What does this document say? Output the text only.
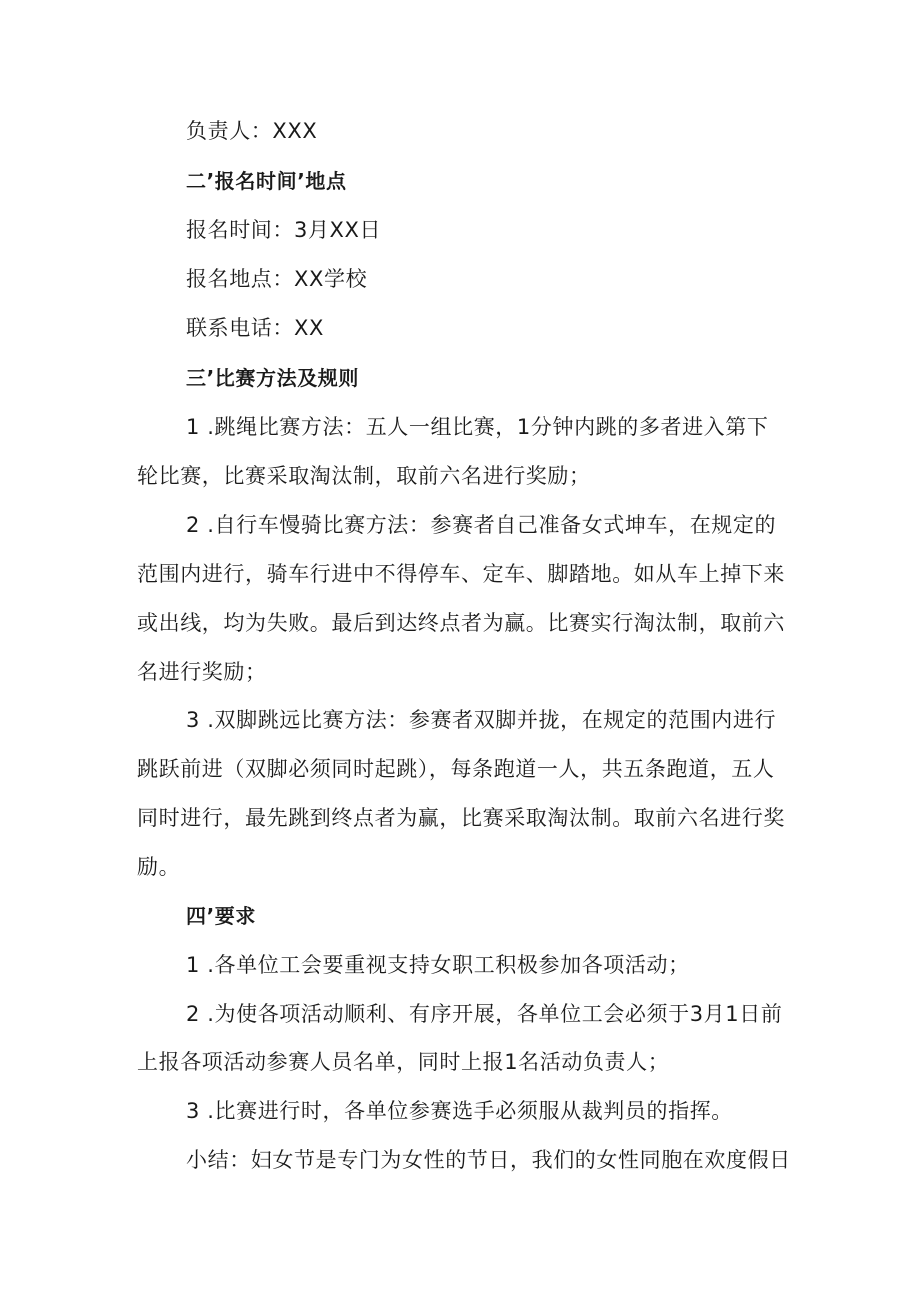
负责人：XXX
二’报名时间’地点
报名时间：3月XX日
报名地点：XX学校
联系电话：XX
三’比赛方法及规则
1 .跳绳比赛方法：五人一组比赛，1分钟内跳的多者进入第下
轮比赛，比赛采取淘汰制，取前六名进行奖励；
2 .自行车慢骑比赛方法：参赛者自己准备女式坤车，在规定的
范围内进行，骑车行进中不得停车、定车、脚踏地。如从车上掉下来
或出线，均为失败。最后到达终点者为赢。比赛实行淘汰制，取前六
名进行奖励；
3 .双脚跳远比赛方法：参赛者双脚并拢，在规定的范围内进行
跳跃前进（双脚必须同时起跳），每条跑道一人，共五条跑道，五人
同时进行，最先跳到终点者为赢，比赛采取淘汰制。取前六名进行奖
励。
四’要求
1 .各单位工会要重视支持女职工积极参加各项活动；
2 .为使各项活动顺利、有序开展，各单位工会必须于3月1日前
上报各项活动参赛人员名单，同时上报1名活动负责人；
3 .比赛进行时，各单位参赛选手必须服从裁判员的指挥。
小结：妇女节是专门为女性的节日，我们的女性同胞在欢度假日
